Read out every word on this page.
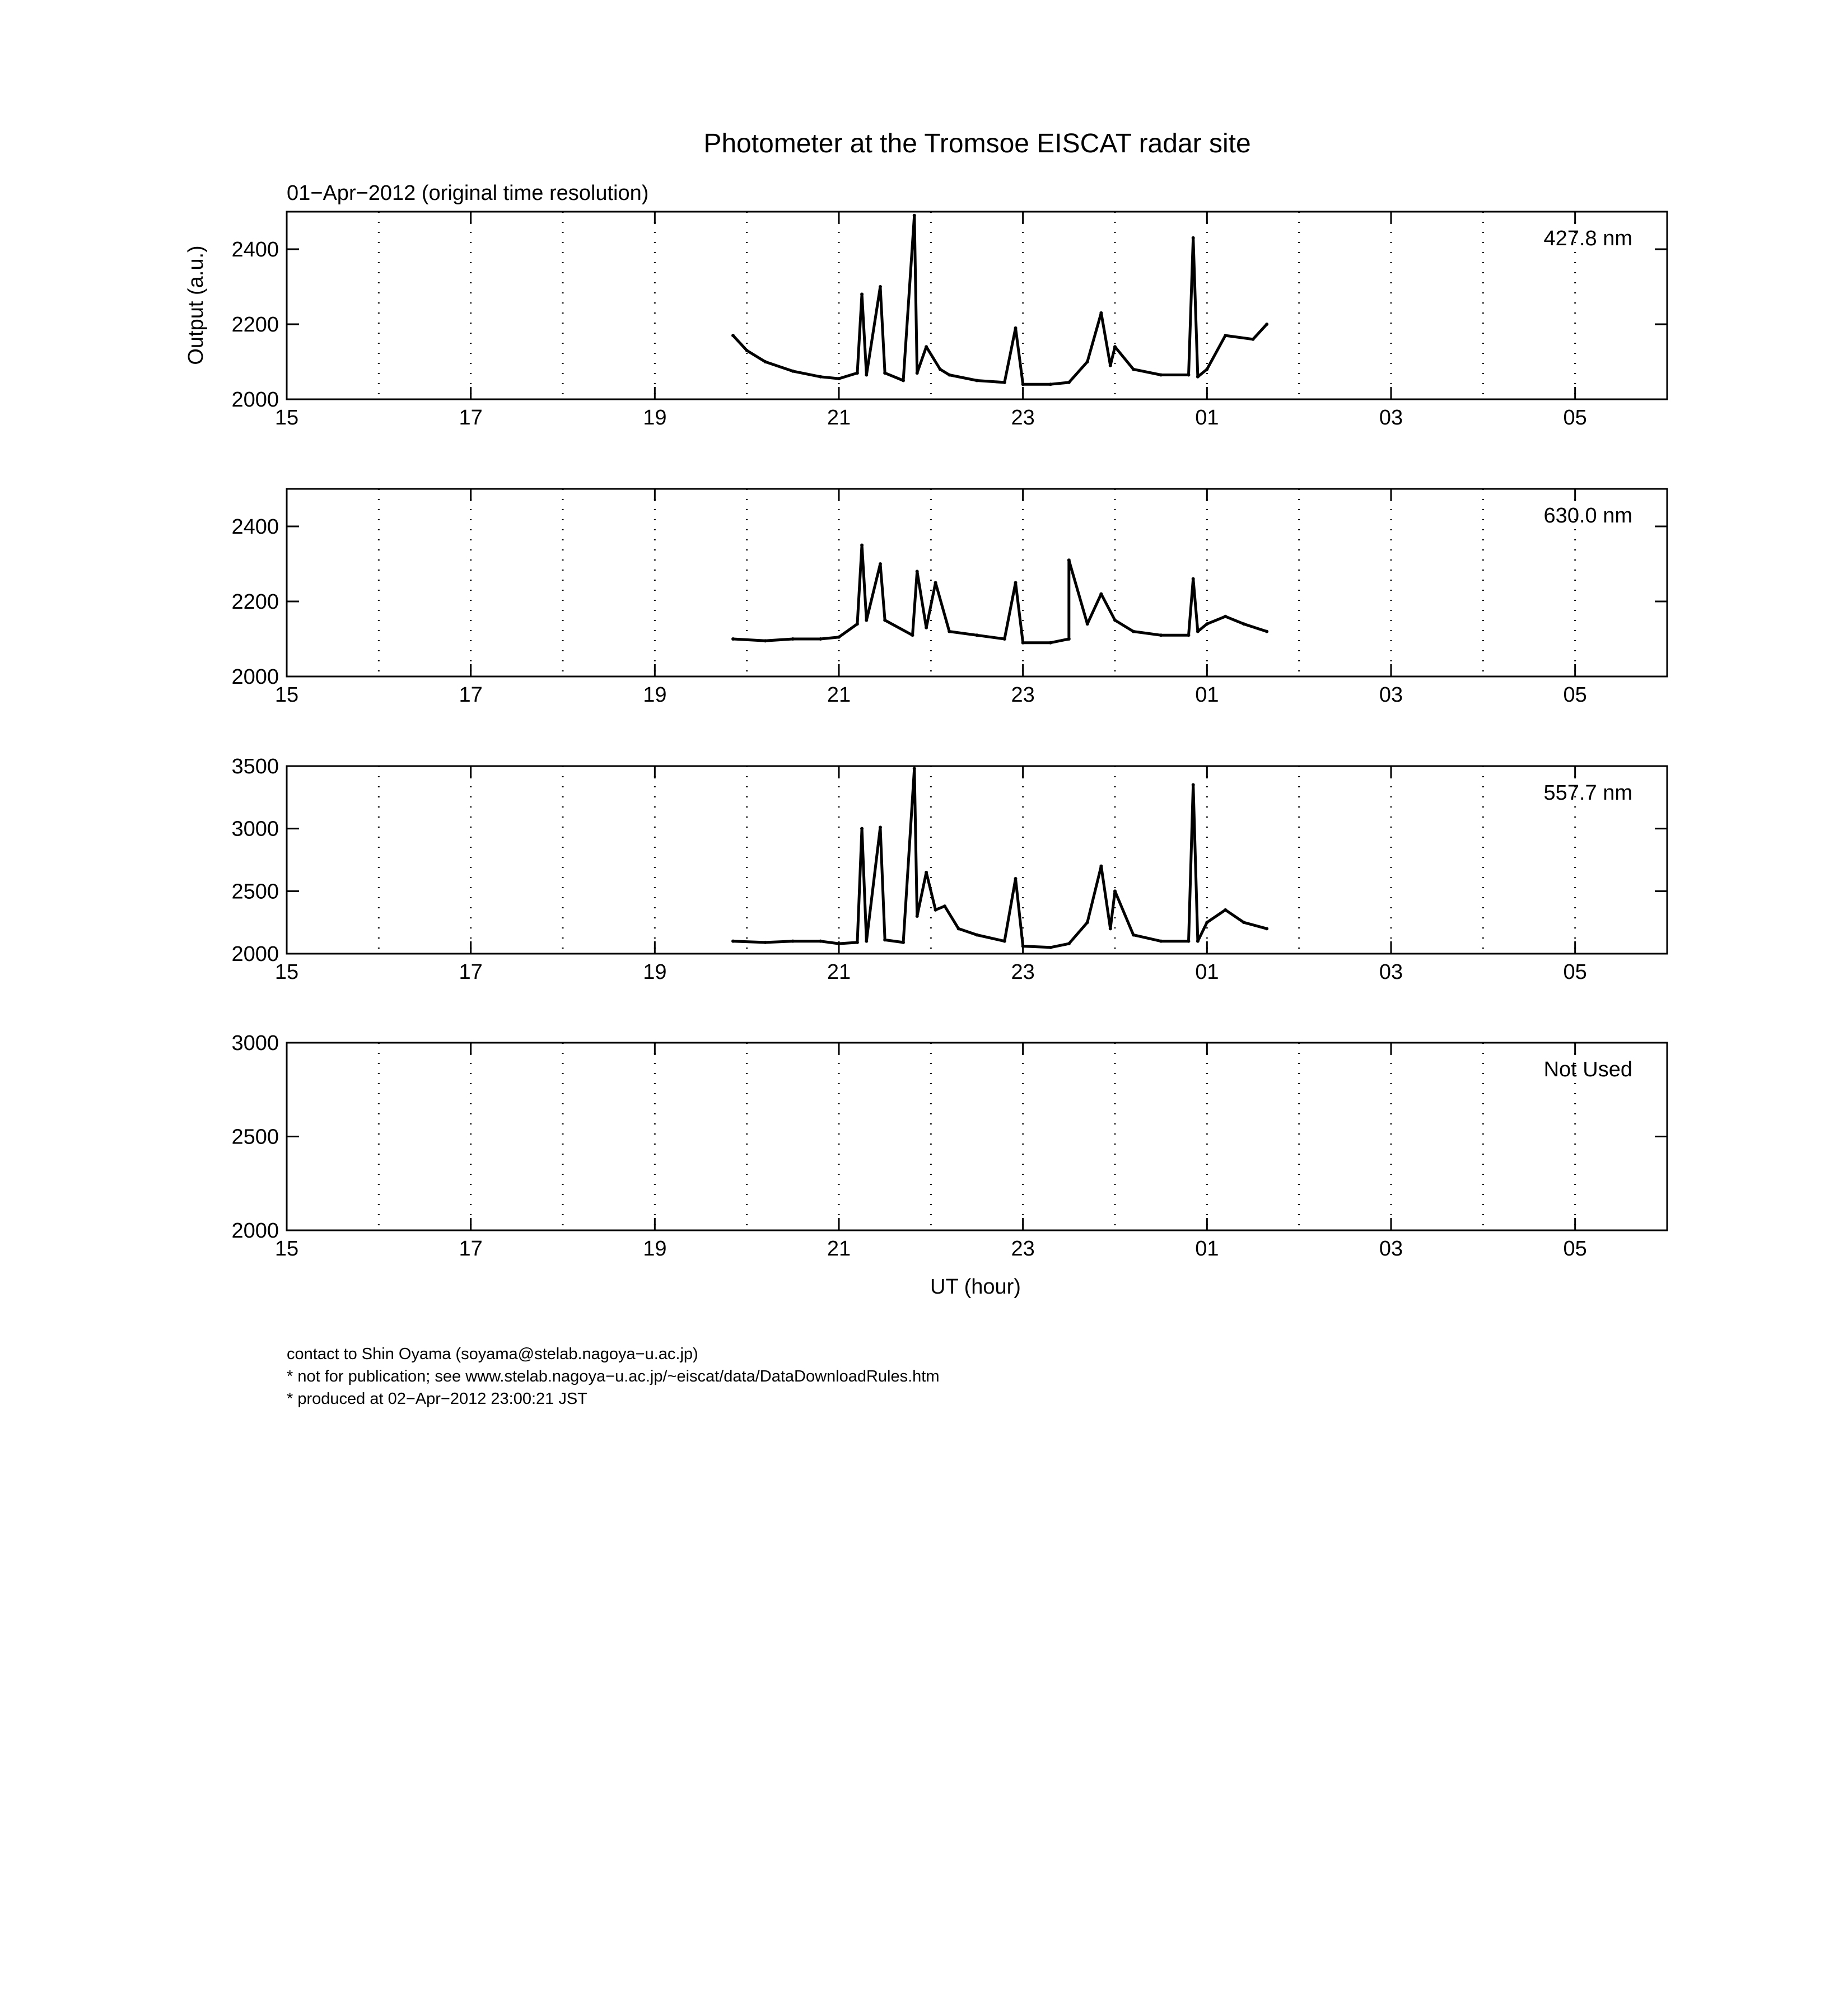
Photometer at the Tromsoe EISCAT radar site
01−Apr−2012 (original time resolution)
Output (a.u.)
UT (hour)
15	17	19	21	23	01	03	05
2000
2200
2400	427.8 nm
15	17	19	21	23	01	03	05
2000
2200
2400	630.0 nm
15	17	19	21	23	01	03	05
2000
2500
3000
3500
557.7 nm
15	17	19	21	23	01	03	05
2000
2500
3000
Not Used
contact to Shin Oyama (soyama@stelab.nagoya−u.ac.jp)
* not for publication; see www.stelab.nagoya−u.ac.jp/~eiscat/data/DataDownloadRules.htm
* produced at 02−Apr−2012 23:00:21 JST
